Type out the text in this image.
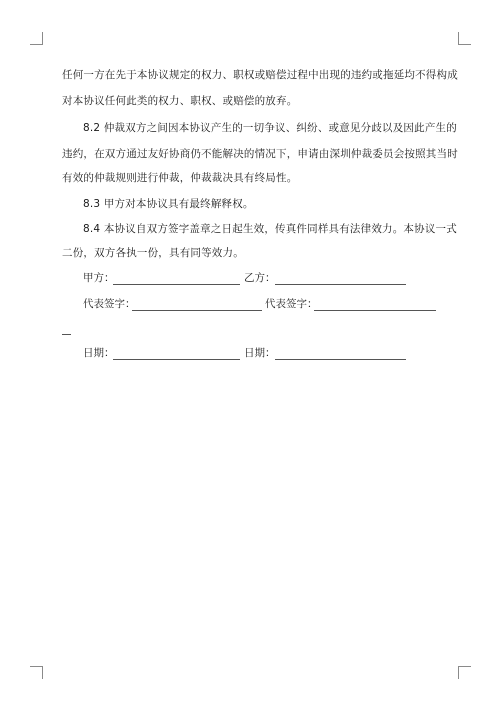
任何一方在先于本协议规定的权力、职权或赔偿过程中出现的违约或拖延均不得构成
对本协议任何此类的权力、职权、或赔偿的放弃。
8.2 仲裁双方之间因本协议产生的一切争议、纠纷、或意见分歧以及因此产生的
违约，在双方通过友好协商仍不能解决的情况下，申请由深圳仲裁委员会按照其当时
有效的仲裁规则进行仲裁，仲裁裁决具有终局性。
8.3 甲方对本协议具有最终解释权。
8.4 本协议自双方签字盖章之日起生效，传真件同样具有法律效力。本协议一式
二份，双方各执一份，具有同等效力。
甲方：	乙方：
代表签字：	代表签字：
日期：	日期：
